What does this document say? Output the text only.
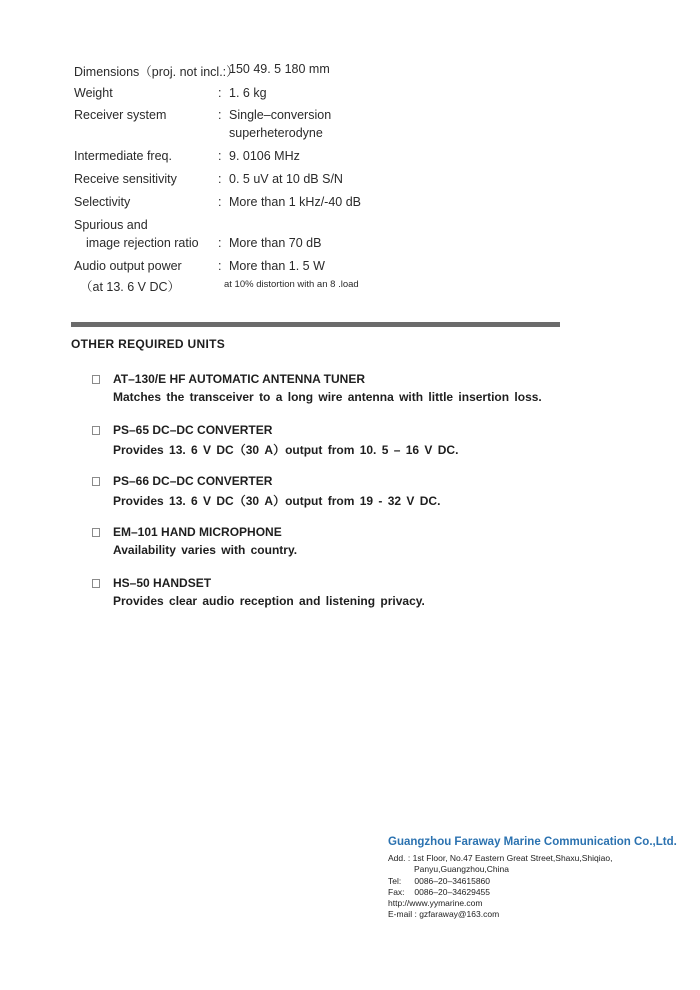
Dimensions（proj. not incl.:）
150 49. 5 180 mm
Weight	: 1. 6 kg
Receiver system	: Single–conversion
superheterodyne
Intermediate freq.	: 9. 0106 MHz
Receive sensitivity	: 0. 5 uV at 10 dB S/N
Selectivity	: More than 1 kHz/-40 dB
Spurious and
image rejection ratio : More than 70 dB
Audio output power
（at 13. 6 V DC）
: More than 1. 5 W
at 10% distortion with an 8 .load
OTHER REQUIRED UNITS
AT–130/E HF AUTOMATIC ANTENNA TUNER
Matches the transceiver to a long wire antenna with little insertion loss.
PS–65 DC–DC CONVERTER
Provides 13. 6 V DC（30 A）output from 10. 5 – 16 V DC.
PS–66 DC–DC CONVERTER
Provides 13. 6 V DC（30 A）output from 19 - 32 V DC.
EM–101 HAND MICROPHONE
Availability varies with country.
HS–50 HANDSET
Provides clear audio reception and listening privacy.
Guangzhou Faraway Marine Communication Co.,Ltd.
Add. : 1st Floor, No.47 Eastern Great Street,Shaxu,Shiqiao,
Panyu,Guangzhou,China
Tel: 0086–20–34615860
Fax: 0086–20–34629455
http://www.yymarine.com
E-mail : gzfaraway@163.com
